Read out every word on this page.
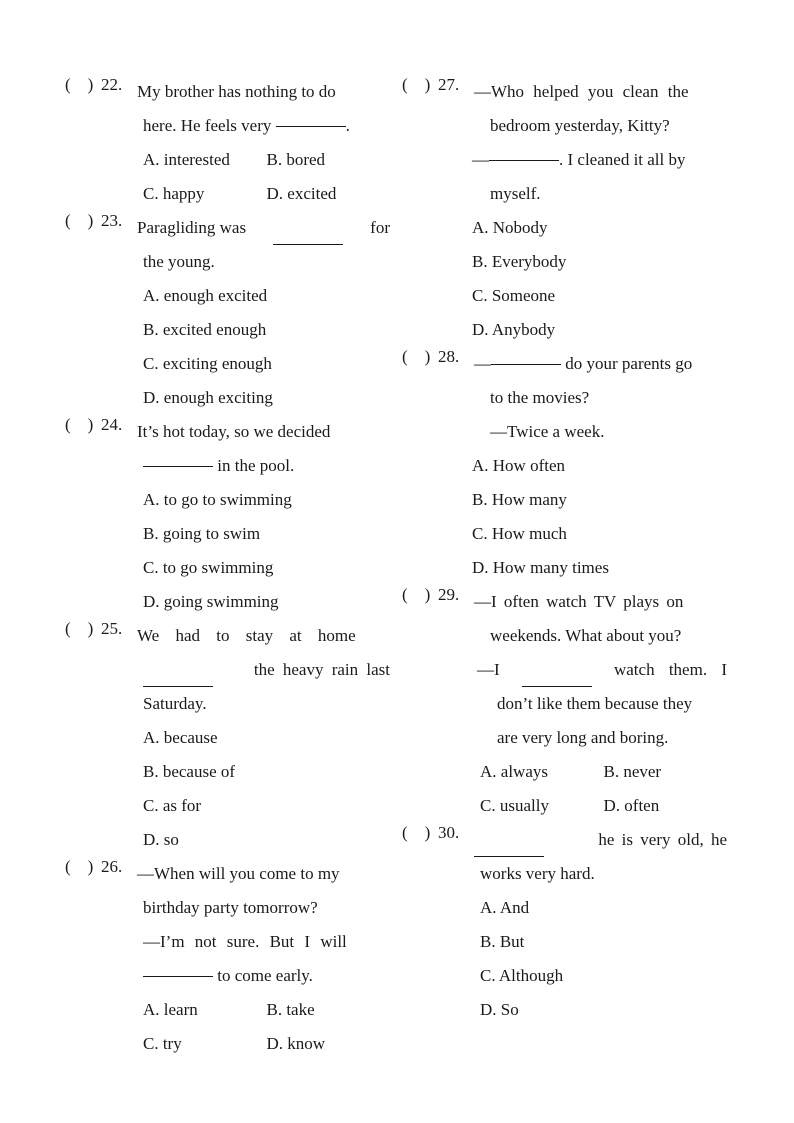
(    ) 22. My brother has nothing to do
here. He feels very	.
A. interested	B. bored
C. happy	D. excited
(    ) 23. Paragliding was	for
the young.
A. enough excited
B. excited enough
C. exciting enough
D. enough exciting
(    ) 24. It’s hot today, so we decided
in the pool.
A. to go to swimming
B. going to swim
C. to go swimming
D. going swimming
(    ) 25. We had to stay at home
the heavy rain last
Saturday.
A. because
B. because of
C. as for
D. so
(    ) 26. —When will you come to my
birthday party tomorrow?
—I’m not sure. But I will
to come early.
A. learn	B. take
C. try	D. know
(    ) 27. —Who helped you clean the
bedroom yesterday, Kitty?
—	. I cleaned it all by
myself.
A. Nobody
B. Everybody
C. Someone
D. Anybody
(    ) 28. —	do your parents go
to the movies?
—Twice a week.
A. How often
B. How many
C. How much
D. How many times
(    ) 29. —I often watch TV plays on
weekends. What about you?
—I	watch them. I
don’t like them because they
are very long and boring.
A. always	B. never
C. usually	D. often
(    ) 30.	he is very old, he
works very hard.
A. And
B. But
C. Although
D. So
